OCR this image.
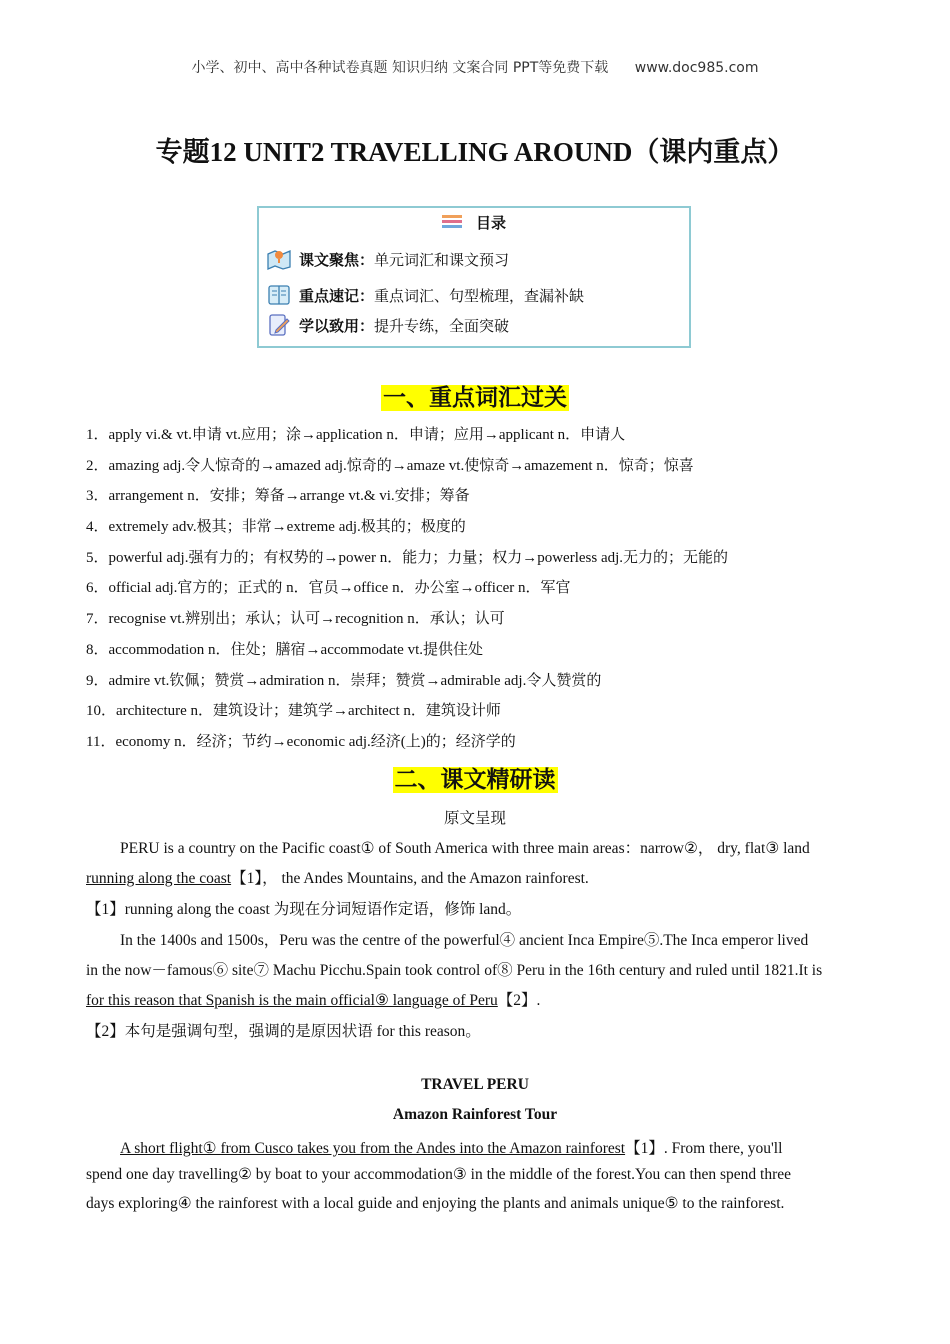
小学、初中、高中各种试卷真题 知识归纳 文案合同 PPT等免费下载 www.doc985.com
专题12 UNIT2 TRAVELLING AROUND（课内重点）
目录
课文聚焦：单元词汇和课文预习
重点速记：重点词汇、句型梳理，查漏补缺
学以致用：提升专练，全面突破
一、重点词汇过关
1．apply vi.& vt.申请 vt.应用；涂→application n．申请；应用→applicant n．申请人
2．amazing adj.令人惊奇的→amazed adj.惊奇的→amaze vt.使惊奇→amazement n．惊奇；惊喜
3．arrangement n．安排；筹备→arrange vt.& vi.安排；筹备
4．extremely adv.极其；非常→extreme adj.极其的；极度的
5．powerful adj.强有力的；有权势的→power n．能力；力量；权力→powerless adj.无力的；无能的
6．official adj.官方的；正式的 n．官员→office n．办公室→officer n．军官
7．recognise vt.辨别出；承认；认可→recognition n．承认；认可
8．accommodation n．住处；膳宿→accommodate vt.提供住处
9．admire vt.钦佩；赞赏→admiration n．崇拜；赞赏→admirable adj.令人赞赏的
10．architecture n．建筑设计；建筑学→architect n．建筑设计师
11．economy n．经济；节约→economic adj.经济(上)的；经济学的
二、课文精研读
原文呈现
PERU is a country on the Pacific coast① of South America with three main areas：narrow②， dry, flat③ land
running along the coast【1】， the Andes Mountains, and the Amazon rainforest.
【1】running along the coast 为现在分词短语作定语，修饰 land。
In the 1400s and 1500s，Peru was the centre of the powerful④ ancient Inca Empire⑤.The Inca emperor lived
in the now－famous⑥ site⑦ Machu Picchu.Spain took control of⑧ Peru in the 16th century and ruled until 1821.It is
for this reason that Spanish is the main official⑨ language of Peru【2】.
【2】本句是强调句型，强调的是原因状语 for this reason。
TRAVEL PERU
Amazon Rainforest Tour
A short flight① from Cusco takes you from the Andes into the Amazon rainforest【1】. From there, you'll
spend one day travelling② by boat to your accommodation③ in the middle of the forest.You can then spend three
days exploring④ the rainforest with a local guide and enjoying the plants and animals unique⑤ to the rainforest.
